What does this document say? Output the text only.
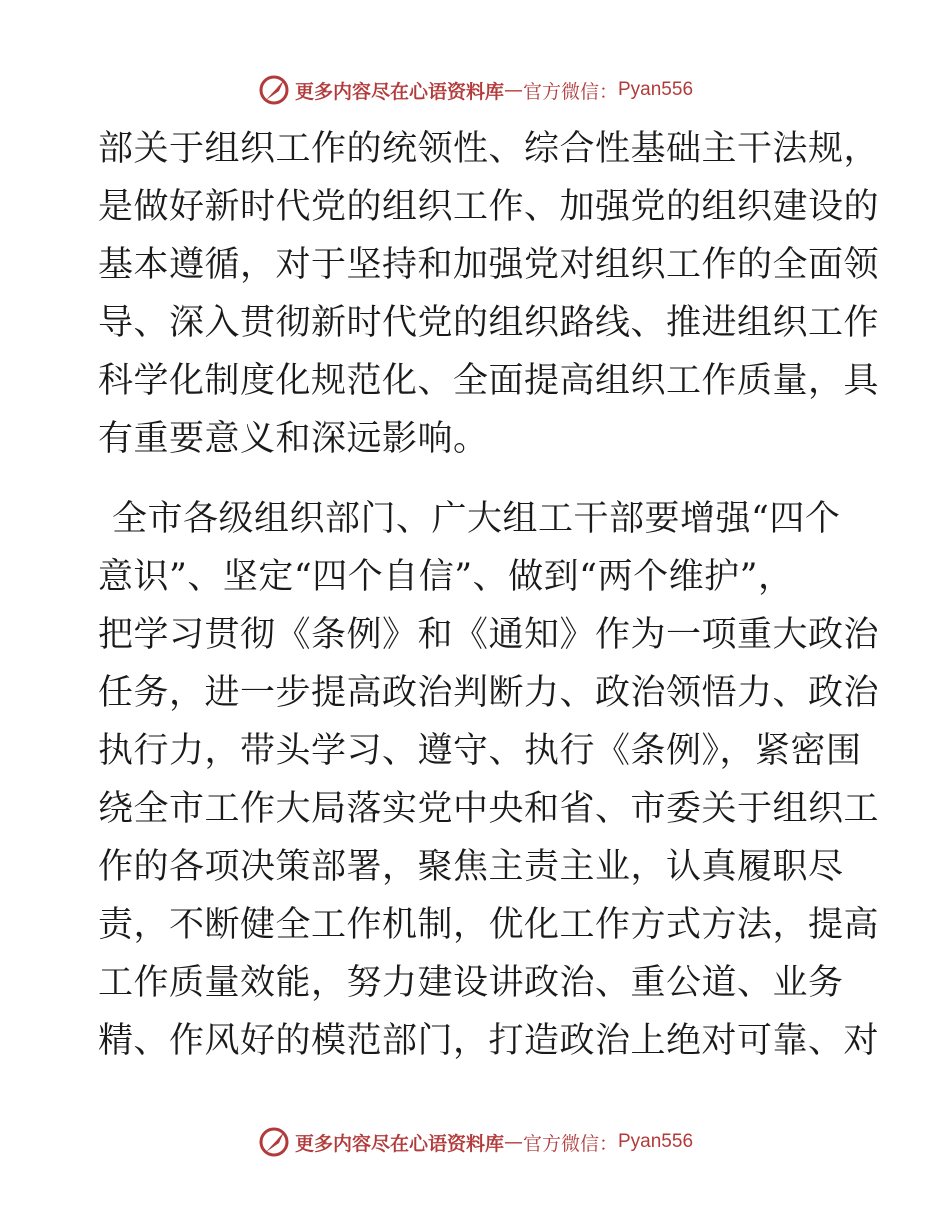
更多内容尽在心语资料库 — 官方微信： Pyan556
部关于组织工作的统领性、综合性基础主干法规，
是做好新时代党的组织工作、加强党的组织建设的
基本遵循，对于坚持和加强党对组织工作的全面领
导、深入贯彻新时代党的组织路线、推进组织工作
科学化制度化规范化、全面提高组织工作质量，具
有重要意义和深远影响。
全市各级组织部门、广大组工干部要增强“四个
意识”、坚定“四个自信”、做到“两个维护”，
把学习贯彻《条例》和《通知》作为一项重大政治
任务，进一步提高政治判断力、政治领悟力、政治
执行力，带头学习、遵守、执行《条例》，紧密围
绕全市工作大局落实党中央和省、市委关于组织工
作的各项决策部署，聚焦主责主业，认真履职尽
责，不断健全工作机制，优化工作方式方法，提高
工作质量效能，努力建设讲政治、重公道、业务
精、作风好的模范部门，打造政治上绝对可靠、对
更多内容尽在心语资料库 — 官方微信： Pyan556
